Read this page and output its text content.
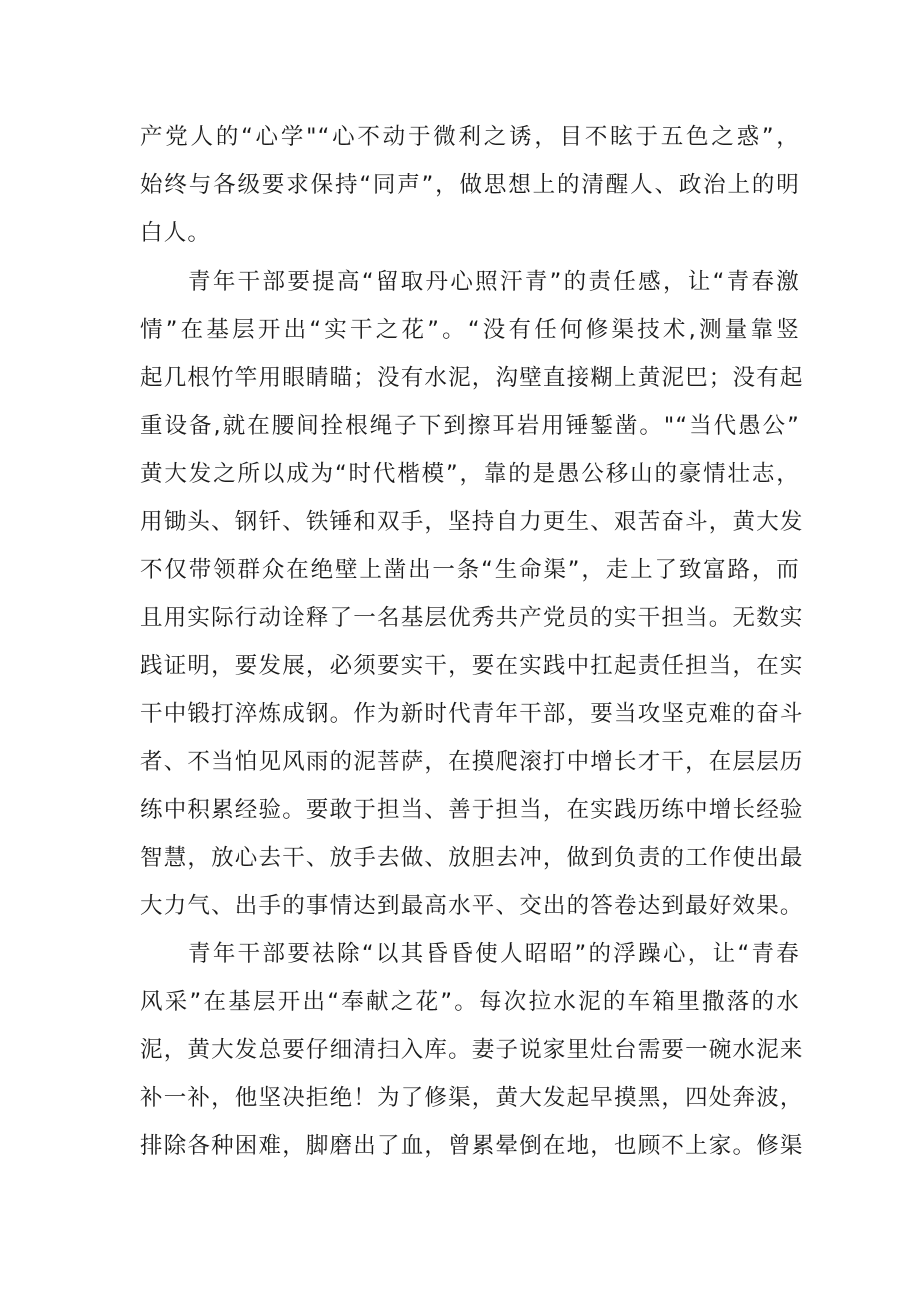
产党人的“心学"“心不动于微利之诱，目不眩于五色之惑”，
始终与各级要求保持“同声”，做思想上的清醒人、政治上的明
白人。
青年干部要提高“留取丹心照汗青”的责任感，让“青春激
情”在基层开出“实干之花”。“没有任何修渠技术,测量靠竖
起几根竹竿用眼睛瞄；没有水泥，沟壁直接糊上黄泥巴；没有起
重设备,就在腰间拴根绳子下到擦耳岩用锤錾凿。"“当代愚公”
黄大发之所以成为“时代楷模”，靠的是愚公移山的豪情壮志，
用锄头、钢钎、铁锤和双手，坚持自力更生、艰苦奋斗，黄大发
不仅带领群众在绝壁上凿出一条“生命渠”，走上了致富路，而
且用实际行动诠释了一名基层优秀共产党员的实干担当。无数实
践证明，要发展，必须要实干，要在实践中扛起责任担当，在实
干中锻打淬炼成钢。作为新时代青年干部，要当攻坚克难的奋斗
者、不当怕见风雨的泥菩萨，在摸爬滚打中增长才干，在层层历
练中积累经验。要敢于担当、善于担当，在实践历练中增长经验
智慧，放心去干、放手去做、放胆去冲，做到负责的工作使出最
大力气、出手的事情达到最高水平、交出的答卷达到最好效果。
青年干部要祛除“以其昏昏使人昭昭”的浮躁心，让“青春
风采”在基层开出“奉献之花”。每次拉水泥的车箱里撒落的水
泥，黄大发总要仔细清扫入库。妻子说家里灶台需要一碗水泥来
补一补，他坚决拒绝！为了修渠，黄大发起早摸黑，四处奔波，
排除各种困难，脚磨出了血，曾累晕倒在地，也顾不上家。修渠
